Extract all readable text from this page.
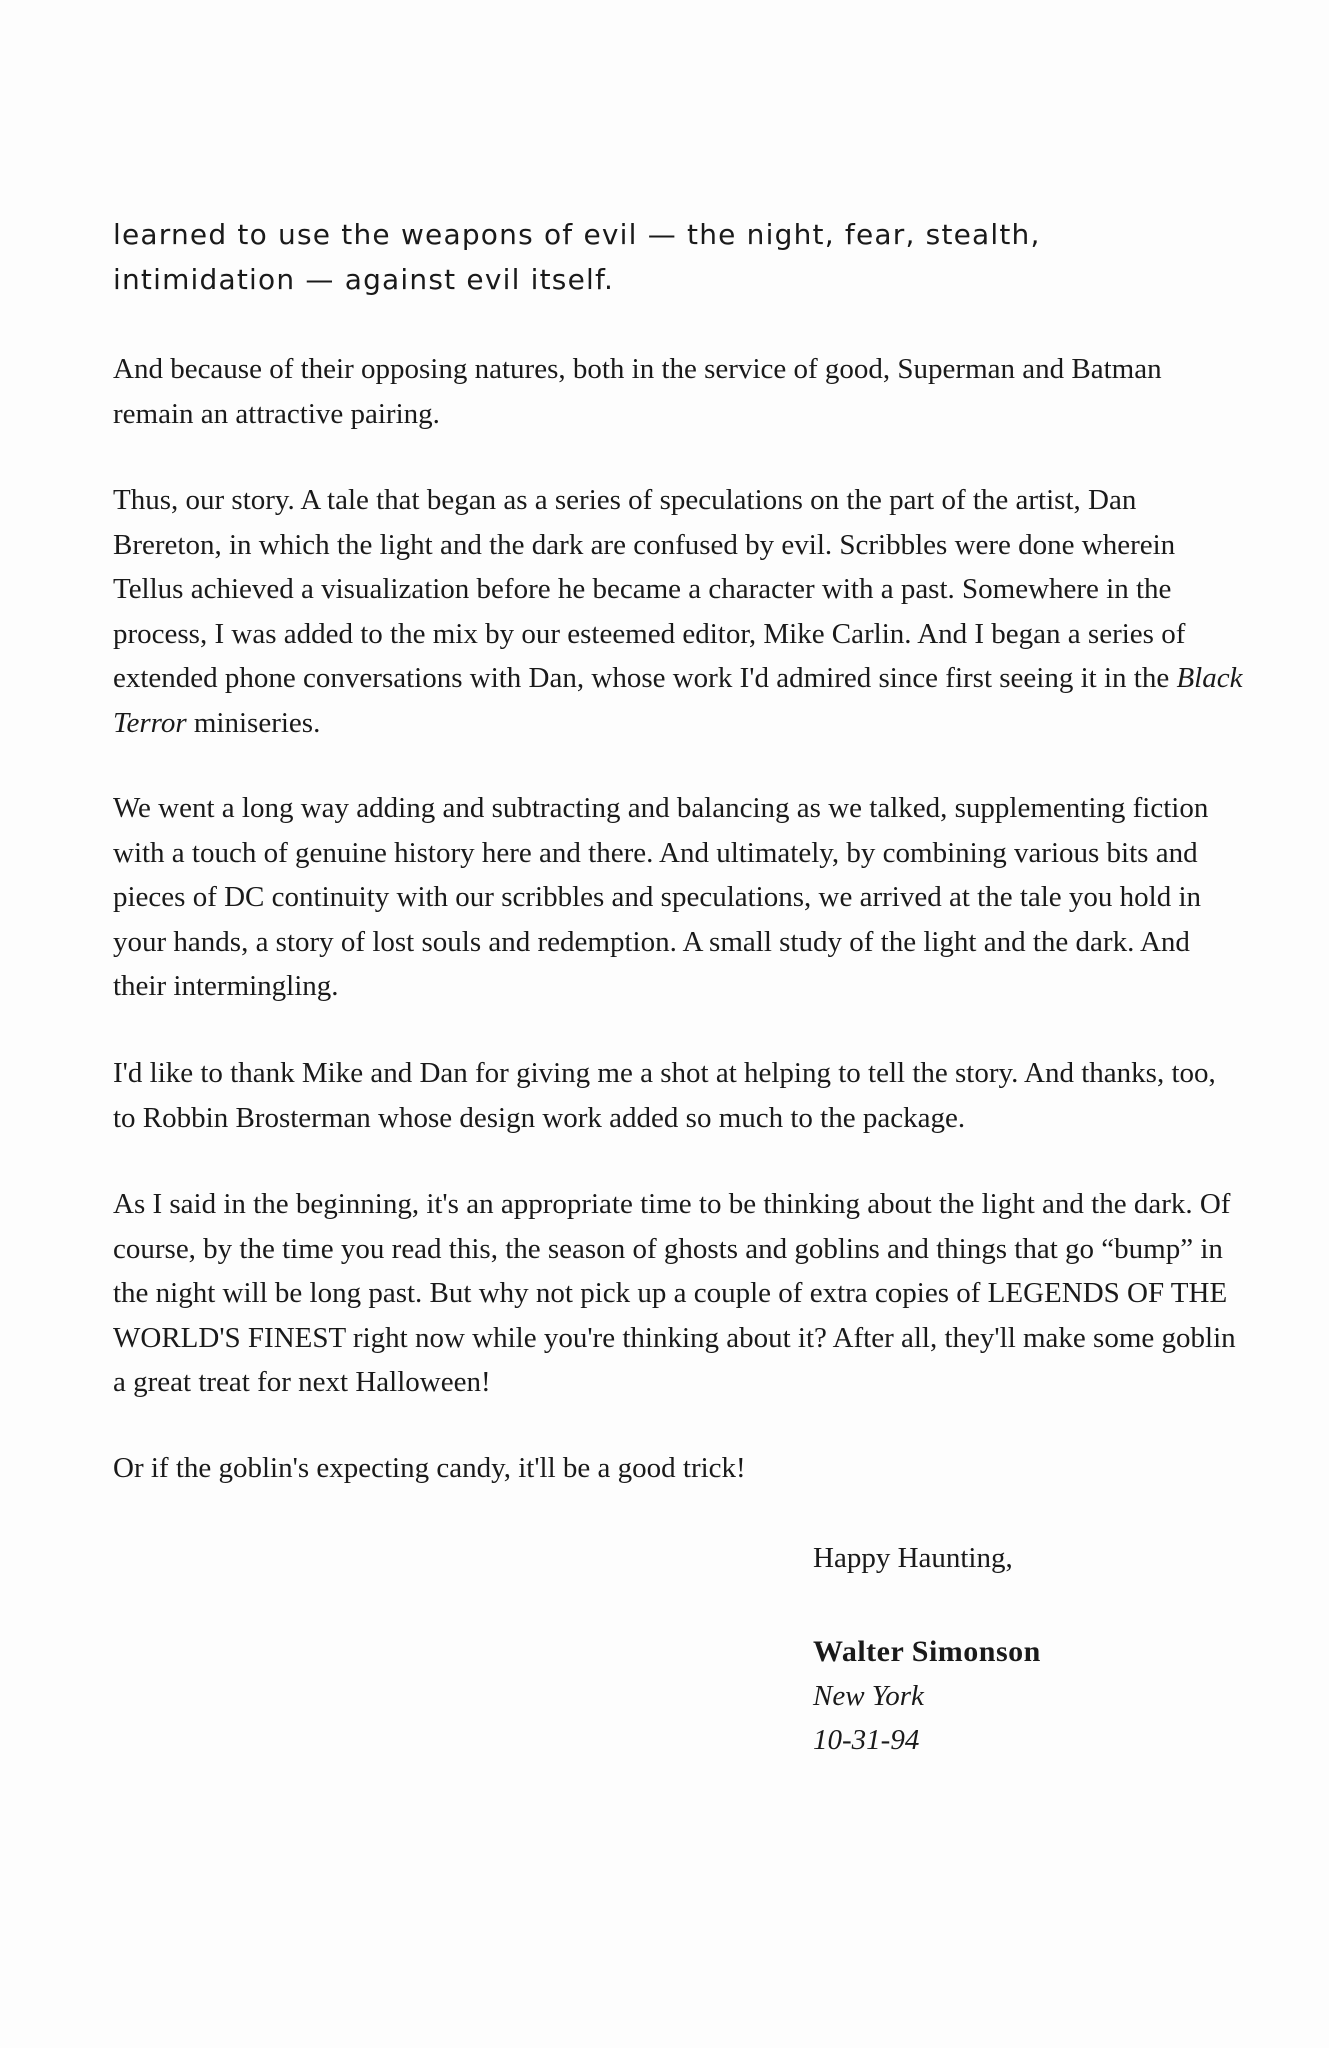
learned to use the weapons of evil — the night, fear, stealth, intimidation — against evil itself.

And because of their opposing natures, both in the service of good, Superman and Batman remain an attractive pairing.

Thus, our story. A tale that began as a series of speculations on the part of the artist, Dan Brereton, in which the light and the dark are confused by evil. Scribbles were done wherein Tellus achieved a visualization before he became a character with a past. Somewhere in the process, I was added to the mix by our esteemed editor, Mike Carlin. And I began a series of extended phone conversations with Dan, whose work I'd admired since first seeing it in the Black Terror miniseries.

We went a long way adding and subtracting and balancing as we talked, supplementing fiction with a touch of genuine history here and there. And ultimately, by combining various bits and pieces of DC continuity with our scribbles and speculations, we arrived at the tale you hold in your hands, a story of lost souls and redemption. A small study of the light and the dark. And their intermingling.

I'd like to thank Mike and Dan for giving me a shot at helping to tell the story. And thanks, too, to Robbin Brosterman whose design work added so much to the package.

As I said in the beginning, it's an appropriate time to be thinking about the light and the dark. Of course, by the time you read this, the season of ghosts and goblins and things that go “bump” in the night will be long past. But why not pick up a couple of extra copies of LEGENDS OF THE WORLD'S FINEST right now while you're thinking about it? After all, they'll make some goblin a great treat for next Halloween!

Or if the goblin's expecting candy, it'll be a good trick!

Happy Haunting,

Walter Simonson

New York

10-31-94
